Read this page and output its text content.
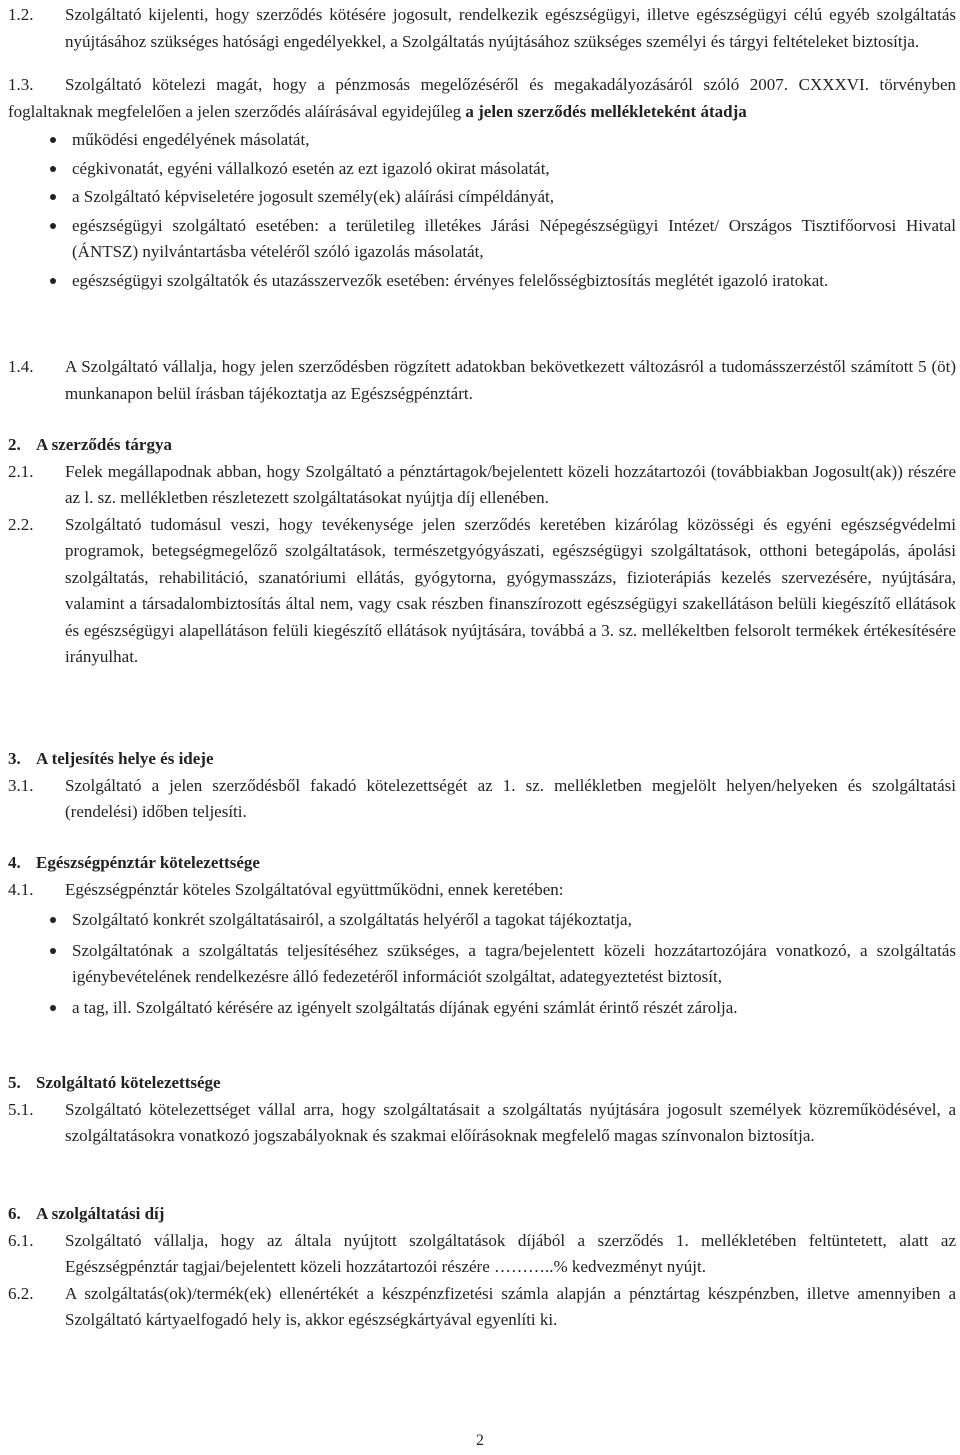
1.2.	Szolgáltató kijelenti, hogy szerződés kötésére jogosult, rendelkezik egészségügyi, illetve egészségügyi célú egyéb szolgáltatás nyújtásához szükséges hatósági engedélyekkel, a Szolgáltatás nyújtásához szükséges személyi és tárgyi feltételeket biztosítja.

1.3. Szolgáltató kötelezi magát, hogy a pénzmosás megelőzéséről és megakadályozásáról szóló 2007. CXXXVI. törvényben foglaltaknak megfelelően a jelen szerződés aláírásával egyidejűleg a jelen szerződés mellékleteként átadja

működési engedélyének másolatát,
cégkivonatát, egyéni vállalkozó esetén az ezt igazoló okirat másolatát,
a Szolgáltató képviseletére jogosult személy(ek) aláírási címpéldányát,
egészségügyi szolgáltató esetében: a területileg illetékes Járási Népegészségügyi Intézet/ Országos Tisztifőorvosi Hivatal (ÁNTSZ) nyilvántartásba vételéről szóló igazolás másolatát,
egészségügyi szolgáltatók és utazásszervezők esetében: érvényes felelősségbiztosítás meglétét igazoló iratokat.

1.4.	A Szolgáltató vállalja, hogy jelen szerződésben rögzített adatokban bekövetkezett változásról a tudomásszerzéstől számított 5 (öt) munkanapon belül írásban tájékoztatja az Egészségpénztárt.

2. A szerződés tárgya

2.1.	Felek megállapodnak abban, hogy Szolgáltató a pénztártagok/bejelentett közeli hozzátartozói (továbbiakban Jogosult(ak)) részére az l. sz. mellékletben részletezett szolgáltatásokat nyújtja díj ellenében.

2.2.	Szolgáltató tudomásul veszi, hogy tevékenysége jelen szerződés keretében kizárólag közösségi és egyéni egészségvédelmi programok, betegségmegelőző szolgáltatások, természetgyógyászati, egészségügyi szolgáltatások, otthoni betegápolás, ápolási szolgáltatás, rehabilitáció, szanatóriumi ellátás, gyógytorna, gyógymasszázs, fizioterápiás kezelés szervezésére, nyújtására, valamint a társadalombiztosítás által nem, vagy csak részben finanszírozott egészségügyi szakellátáson belüli kiegészítő ellátások és egészségügyi alapellátáson felüli kiegészítő ellátások nyújtására, továbbá a 3. sz. mellékeltben felsorolt termékek értékesítésére irányulhat.

3. A teljesítés helye és ideje

3.1.	Szolgáltató a jelen szerződésből fakadó kötelezettségét az 1. sz. mellékletben megjelölt helyen/helyeken és szolgáltatási (rendelési) időben teljesíti.

4. Egészségpénztár kötelezettsége

4.1.	Egészségpénztár köteles Szolgáltatóval együttműködni, ennek keretében:

Szolgáltató konkrét szolgáltatásairól, a szolgáltatás helyéről a tagokat tájékoztatja,
Szolgáltatónak a szolgáltatás teljesítéséhez szükséges, a tagra/bejelentett közeli hozzátartozójára vonatkozó, a szolgáltatás igénybevételének rendelkezésre álló fedezetéről információt szolgáltat, adategyeztetést biztosít,
a tag, ill. Szolgáltató kérésére az igényelt szolgáltatás díjának egyéni számlát érintő részét zárolja.

5. Szolgáltató kötelezettsége

5.1.	Szolgáltató kötelezettséget vállal arra, hogy szolgáltatásait a szolgáltatás nyújtására jogosult személyek közreműködésével, a szolgáltatásokra vonatkozó jogszabályoknak és szakmai előírásoknak megfelelő magas színvonalon biztosítja.

6. A szolgáltatási díj

6.1.	Szolgáltató vállalja, hogy az általa nyújtott szolgáltatások díjából a szerződés 1. mellékletében feltüntetett, alatt az Egészségpénztár tagjai/bejelentett közeli hozzátartozói részére ………..% kedvezményt nyújt.

6.2.	A szolgáltatás(ok)/termék(ek) ellenértékét a készpénzfizetési számla alapján a pénztártag készpénzben, illetve amennyiben a Szolgáltató kártyaelfogadó hely is, akkor egészségkártyával egyenlíti ki.

2
